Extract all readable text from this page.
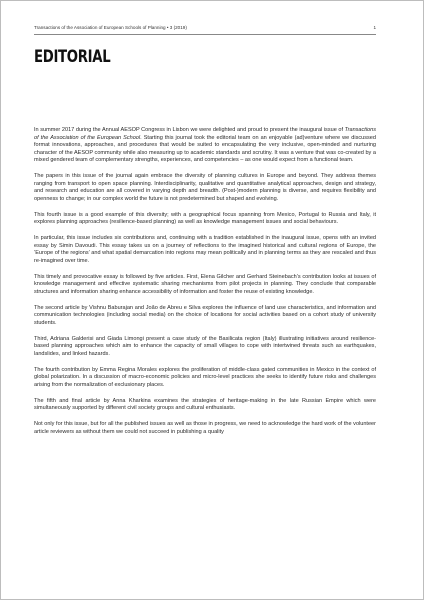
Transactions of the Association of European Schools of Planning • 3 (2019)	1
EDITORIAL

In summer 2017 during the Annual AESOP Congress in Lisbon we were delighted and proud to present the inaugural issue of Transactions of the Association of the European School. Starting this journal took the editorial team on an enjoyable (ad)venture where we discussed format innovations, approaches, and procedures that would be suited to encapsulating the very inclusive, open-minded and nurturing character of the AESOP community while also measuring up to academic standards and scrutiny. It was a venture that was co-created by a mixed gendered team of complementary strengths, experiences, and competencies – as one would expect from a functional team.

The papers in this issue of the journal again embrace the diversity of planning cultures in Europe and beyond. They address themes ranging from transport to open space planning. Interdisciplinarity, qualitative and quantitative analytical approaches, design and strategy, and research and education are all covered in varying depth and breadth. (Post-)modern planning is diverse, and requires flexibility and openness to change; in our complex world the future is not predetermined but shaped and evolving.

This fourth issue is a good example of this diversity; with a geographical focus spanning from Mexico, Portugal to Russia and Italy, it explores planning approaches (resilience-based planning) as well as knowledge management issues and social behaviours.

In particular, this issue includes six contributions and, continuing with a tradition established in the inaugural issue, opens with an invited essay by Simin Davoudi. This essay takes us on a journey of reflections to the imagined historical and cultural regions of Europe, the ‘Europe of the regions’ and what spatial demarcation into regions may mean politically and in planning terms as they are rescaled and thus re-imagined over time.

This timely and provocative essay is followed by five articles. First, Elena Gilcher and Gerhard Steinebach’s contribution looks at issues of knowledge management and effective systematic sharing mechanisms from pilot projects in planning. They conclude that comparable structures and information sharing enhance accessibility of information and foster the reuse of existing knowledge.

The second article by Vishnu Baburajan and João de Abreu e Silva explores the influence of land use characteristics, and information and communication technologies (including social media) on the choice of locations for social activities based on a cohort study of university students.

Third, Adriana Galderisi and Giada Limongi present a case study of the Basilicata region (Italy) illustrating initiatives around resilience-based planning approaches which aim to enhance the capacity of small villages to cope with intertwined threats such as earthquakes, landslides, and linked hazards.

The fourth contribution by Emma Regina Morales explores the proliferation of middle-class gated communities in Mexico in the context of global polarization. In a discussion of macro-economic policies and micro-level practices she seeks to identify future risks and challenges arising from the normalization of exclusionary places.

The fifth and final article by Anna Kharkina examines the strategies of heritage-making in the late Russian Empire which were simultaneously supported by different civil society groups and cultural enthusiasts.

Not only for this issue, but for all the published issues as well as those in progress, we need to acknowledge the hard work of the volunteer article reviewers as without them we could not succeed in publishing a quality
